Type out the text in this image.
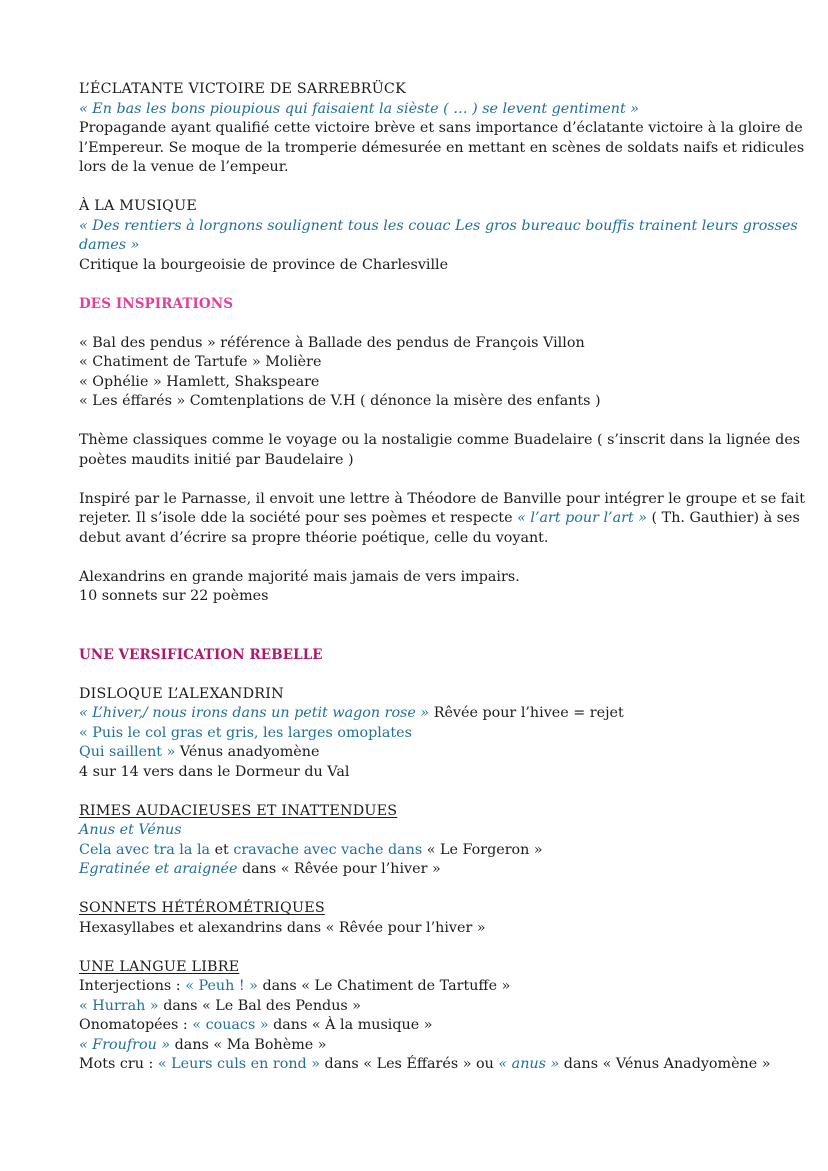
L’ÉCLATANTE VICTOIRE DE SARREBRÜCK
« En bas les bons pioupious qui faisaient la sièste ( … ) se levent gentiment »
Propagande ayant qualifié cette victoire brève et sans importance d’éclatante victoire à la gloire de
l’Empereur. Se moque de la tromperie démesurée en mettant en scènes de soldats naifs et ridicules
lors de la venue de l’empeur.
À LA MUSIQUE
« Des rentiers à lorgnons soulignent tous les couac Les gros bureauc bouffis trainent leurs grosses
dames »
Critique la bourgeoisie de province de Charlesville
DES INSPIRATIONS
« Bal des pendus » référence à Ballade des pendus de François Villon
« Chatiment de Tartufe » Molière
« Ophélie » Hamlett, Shakspeare
« Les éffarés » Comtenplations de V.H ( dénonce la misère des enfants )
Thème classiques comme le voyage ou la nostaligie comme Buadelaire ( s’inscrit dans la lignée des
poètes maudits initié par Baudelaire )
Inspiré par le Parnasse, il envoit une lettre à Théodore de Banville pour intégrer le groupe et se fait
rejeter. Il s’isole dde la société pour ses poèmes et respecte « l’art pour l’art » ( Th. Gauthier) à ses
debut avant d’écrire sa propre théorie poétique, celle du voyant.
Alexandrins en grande majorité mais jamais de vers impairs.
10 sonnets sur 22 poèmes
UNE VERSIFICATION REBELLE
DISLOQUE L’ALEXANDRIN
« L’hiver,/ nous irons dans un petit wagon rose » Rêvée pour l’hivee = rejet
« Puis le col gras et gris, les larges omoplates
Qui saillent » Vénus anadyomène
4 sur 14 vers dans le Dormeur du Val
RIMES AUDACIEUSES ET INATTENDUES
Anus et Vénus
Cela avec tra la la et cravache avec vache dans « Le Forgeron »
Egratinée et araignée dans « Rêvée pour l’hiver »
SONNETS HÉTÉROMÉTRIQUES
Hexasyllabes et alexandrins dans « Rêvée pour l’hiver »
UNE LANGUE LIBRE
Interjections : « Peuh ! » dans « Le Chatiment de Tartuffe »
« Hurrah » dans « Le Bal des Pendus »
Onomatopées : « couacs » dans « À la musique »
« Froufrou » dans « Ma Bohème »
Mots cru : « Leurs culs en rond » dans « Les Éffarés » ou « anus » dans « Vénus Anadyomène »
